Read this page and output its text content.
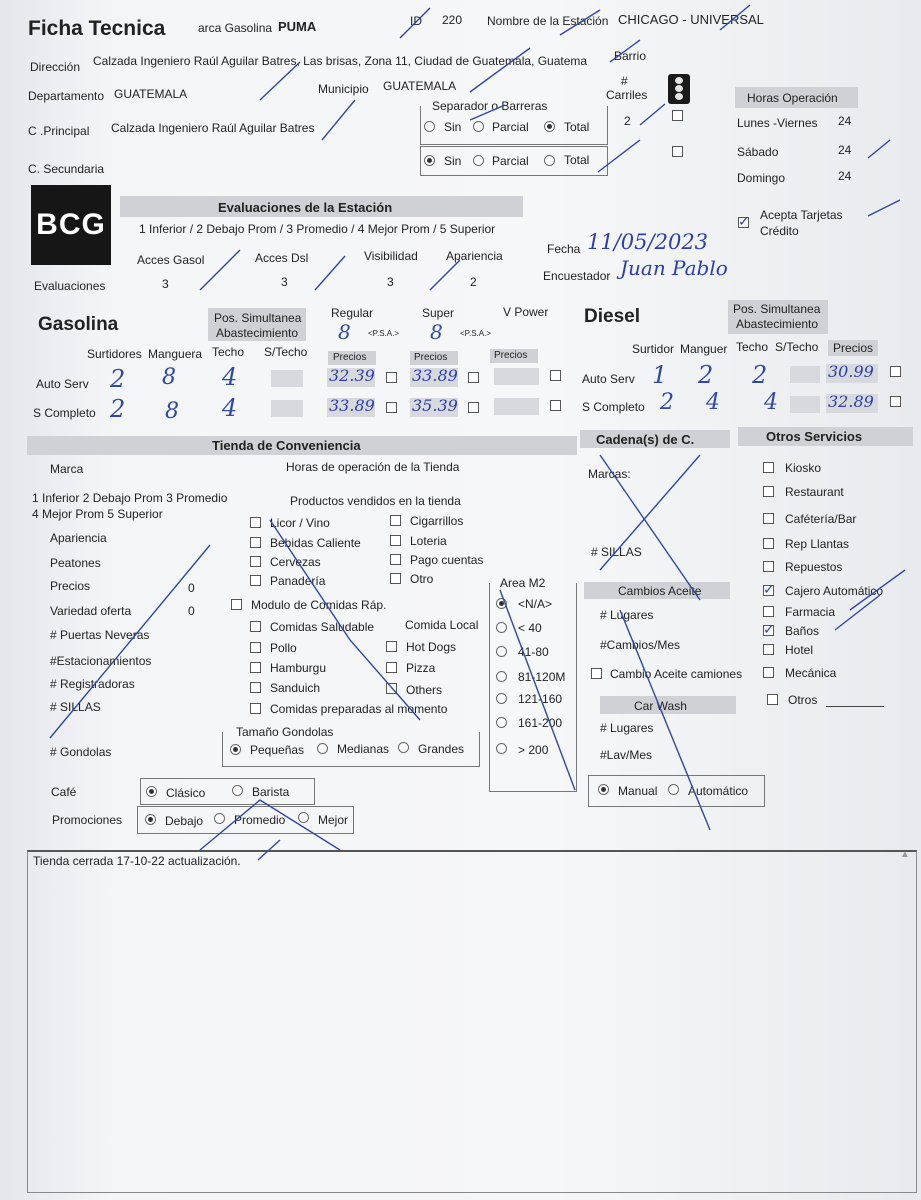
Ficha Tecnica	arca Gasolina PUMA	ID 220 Nombre de la Estación CHICAGO - UNIVERSAL
Dirección Calzada Ingeniero Raúl Aguilar Batres, Las brisas, Zona 11, Ciudad de Guatemala, Guatema Barrio
Departamento GUATEMALA	Municipio GUATEMALA
C .Principal Calzada Ingeniero Raúl Aguilar Batres
C. Secundaria
Separador o Barreras
Sin	Parcial	Total
Sin	Parcial	Total
#
Carriles
2
Horas Operación
Lunes -Viernes 24
Sábado	24
Domingo	24
✓ Acepta Tarjetas
Crédito
BCG
Evaluaciones de la Estación
1 Inferior / 2 Debajo Prom / 3 Promedio / 4 Mejor Prom / 5 Superior
Acces Gasol
3
Acces Dsl
3
Visibilidad
3
Apariencia
2
Evaluaciones
Fecha 11/05/2023
Encuestador Juan Pablo
Gasolina	Pos. Simultanea
Abastecimiento
Regular	Super	V Power
8 <P.S.A.> 8 <P.S.A.>
Surtidores Manguera Techo S/Techo	Precios	Precios	Precios
Auto Serv 2 8 4	32.39 33.89
S Completo 2 8 4	33.89 35.39
Diesel	Pos. Simultanea
Abastecimiento
Surtidor Manguer Techo S/Techo Precios
Auto Serv 1 2 2	30.99
S Completo 2 4 4	32.89
Tienda de Conveniencia
Marca	Horas de operación de la Tienda
1 Inferior 2 Debajo Prom 3 Promedio
4 Mejor Prom 5 Superior
Productos vendidos en la tienda
Apariencia
Peatones
Precios	0
Variedad oferta	0
# Puertas Neveras
#Estacionamientos
# Registradoras
# SILLAS
# Gondolas
Licor / Vino
Bebidas Caliente
Cervezas
Panadería
Cigarrillos
Loteria
Pago cuentas
Otro
Modulo de Comidas Ráp.
Comida Local
Comidas Saludable
Pollo
Hamburgu
Sanduich
Comidas preparadas al momento
Hot Dogs
Pizza
Others
Tamaño Gondolas
Pequeñas	Medianas Grandes
Café	Clásico	Barista
Promociones	Debajo	Promedio	Mejor
Area M2
<N/A>
< 40
41-80
81-120M
121-160
161-200
> 200
Cadena(s) de C.
Marcas:
# SILLAS
Cambios Aceite
# Lugares
#Cambios/Mes
Cambio Aceite camiones
Car Wash
# Lugares
#Lav/Mes
Manual	Automático
Otros Servicios
Kiosko
Restaurant
Cafétería/Bar
Rep Llantas
Repuestos
✓ Cajero Automático
Farmacia
✓ Baños
Hotel
Mecánica
Otros
Tienda cerrada 17-10-22 actualización.	▲
